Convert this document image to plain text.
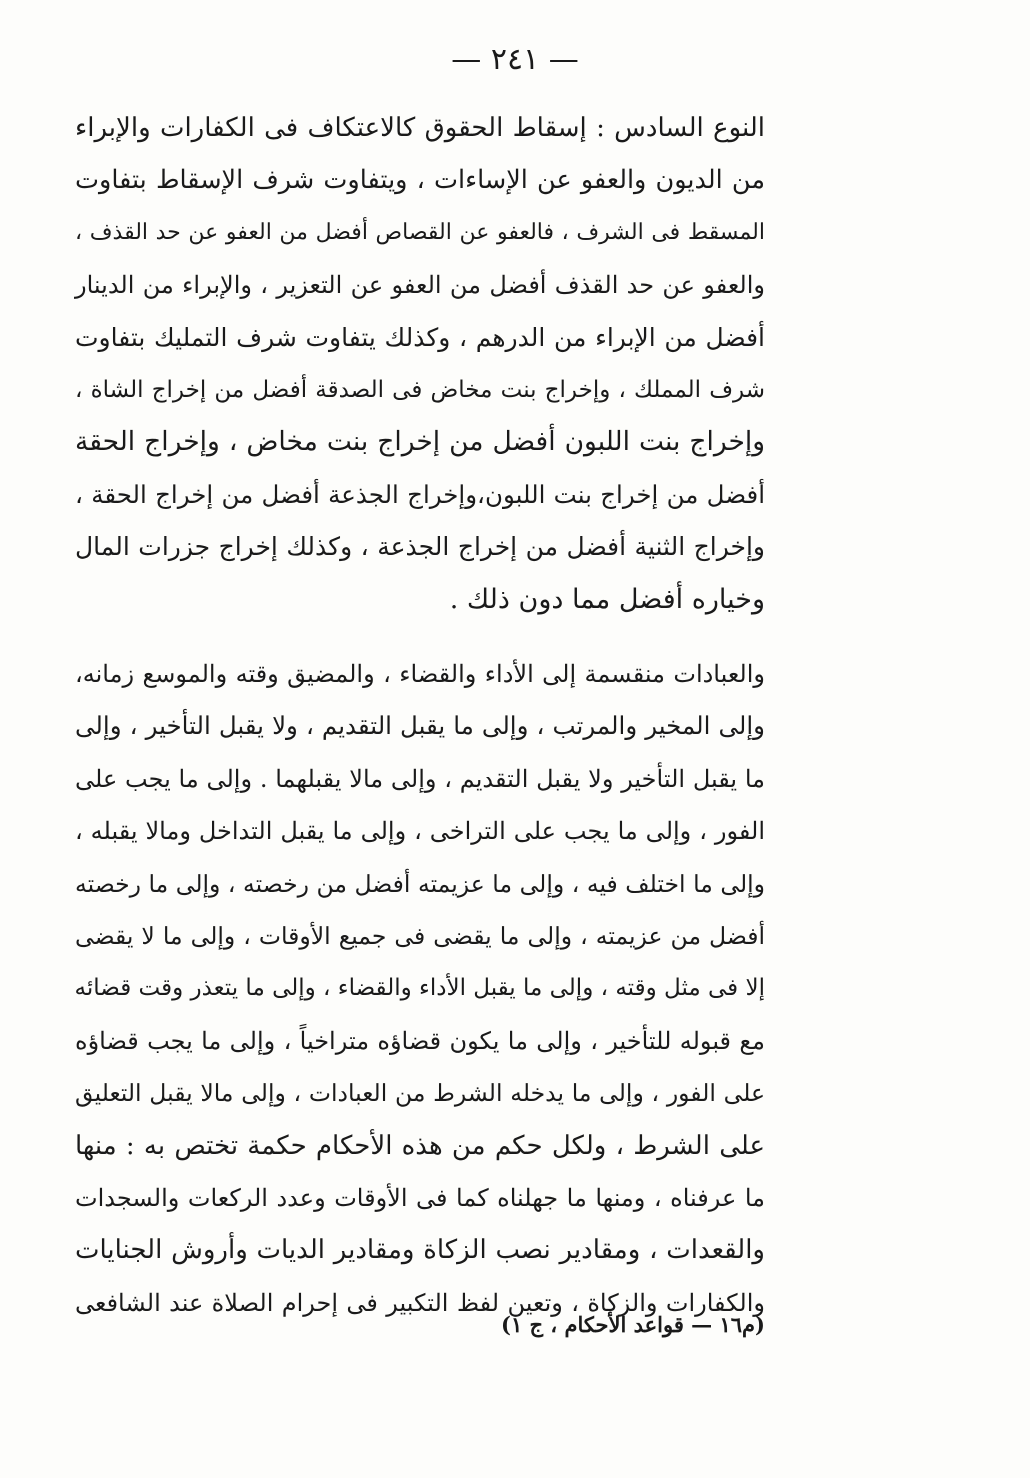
— ٢٤١ —
النوع السادس : إسقاط الحقوق كالاعتكاف فى الكفارات والإبراء
من الديون والعفو عن الإساءات ، ويتفاوت شرف الإسقاط بتفاوت
المسقط فى الشرف ، فالعفو عن القصاص أفضل من العفو عن حد القذف ،
والعفو عن حد القذف أفضل من العفو عن التعزير ، والإبراء من الدينار
أفضل من الإبراء من الدرهم ، وكذلك يتفاوت شرف التمليك بتفاوت
شرف المملك ، وإخراج بنت مخاض فى الصدقة أفضل من إخراج الشاة ،
وإخراج بنت اللبون أفضل من إخراج بنت مخاض ، وإخراج الحقة
أفضل من إخراج بنت اللبون،وإخراج الجذعة أفضل من إخراج الحقة ،
وإخراج الثنية أفضل من إخراج الجذعة ، وكذلك إخراج جزرات المال
وخياره أفضل مما دون ذلك .
والعبادات منقسمة إلى الأداء والقضاء ، والمضيق وقته والموسع زمانه،
وإلى المخير والمرتب ، وإلى ما يقبل التقديم ، ولا يقبل التأخير ، وإلى
ما يقبل التأخير ولا يقبل التقديم ، وإلى مالا يقبلهما . وإلى ما يجب على
الفور ، وإلى ما يجب على التراخى ، وإلى ما يقبل التداخل ومالا يقبله ،
وإلى ما اختلف فيه ، وإلى ما عزيمته أفضل من رخصته ، وإلى ما رخصته
أفضل من عزيمته ، وإلى ما يقضى فى جميع الأوقات ، وإلى ما لا يقضى
إلا فى مثل وقته ، وإلى ما يقبل الأداء والقضاء ، وإلى ما يتعذر وقت قضائه
مع قبوله للتأخير ، وإلى ما يكون قضاؤه متراخياً ، وإلى ما يجب قضاؤه
على الفور ، وإلى ما يدخله الشرط من العبادات ، وإلى مالا يقبل التعليق
على الشرط ، ولكل حكم من هذه الأحكام حكمة تختص به : منها
ما عرفناه ، ومنها ما جهلناه كما فى الأوقات وعدد الركعات والسجدات
والقعدات ، ومقادير نصب الزكاة ومقادير الديات وأروش الجنايات
والكفارات والزكاة ، وتعين لفظ التكبير فى إحرام الصلاة عند الشافعى
(م١٦ — قواعد الأحكام ، ج ١)
